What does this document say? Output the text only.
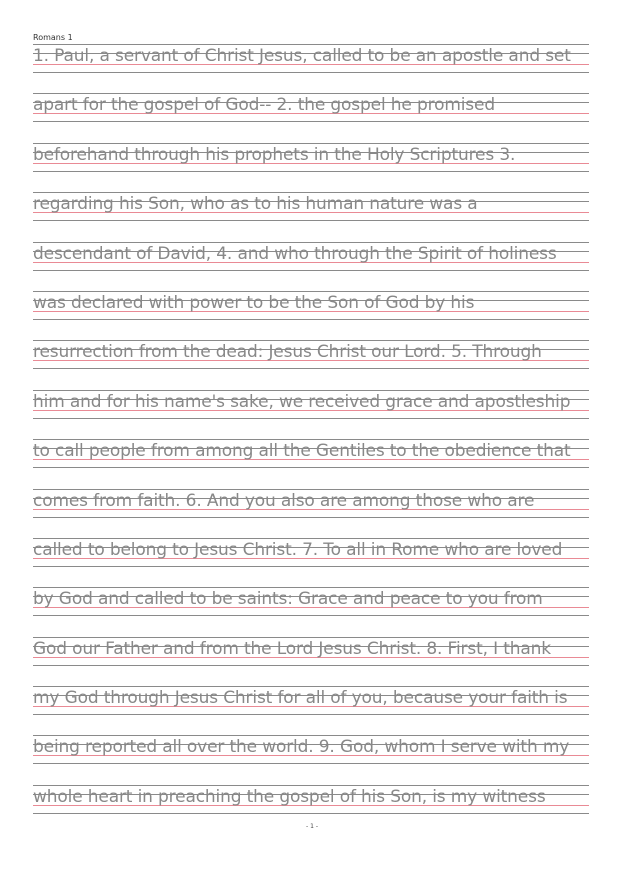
Romans 1
1. Paul, a servant of Christ Jesus, called to be an apostle and set
apart for the gospel of God-- 2. the gospel he promised
beforehand through his prophets in the Holy Scriptures 3.
regarding his Son, who as to his human nature was a
descendant of David, 4. and who through the Spirit of holiness
was declared with power to be the Son of God by his
resurrection from the dead: Jesus Christ our Lord. 5. Through
him and for his name's sake, we received grace and apostleship
to call people from among all the Gentiles to the obedience that
comes from faith. 6. And you also are among those who are
called to belong to Jesus Christ. 7. To all in Rome who are loved
by God and called to be saints: Grace and peace to you from
God our Father and from the Lord Jesus Christ. 8. First, I thank
my God through Jesus Christ for all of you, because your faith is
being reported all over the world. 9. God, whom I serve with my
whole heart in preaching the gospel of his Son, is my witness
- 1 -
